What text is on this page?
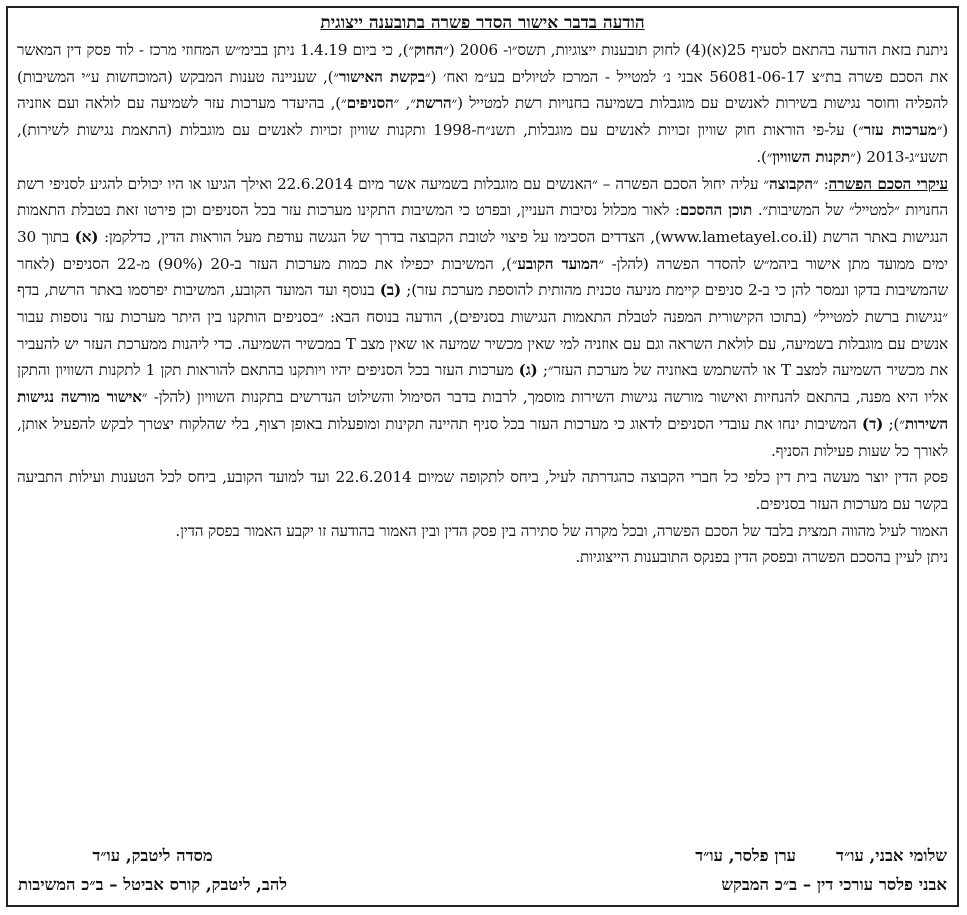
הודעה בדבר אישור הסדר פשרה בתובענה ייצוגית

ניתנת בזאת הודעה בהתאם לסעיף 25(א)(4) לחוק תובענות ייצוגיות, תשס״ו- 2006 (״החוק״), כי ביום 1.4.19 ניתן בבימ״ש המחוזי מרכז - לוד פסק דין המאשר את הסכם פשרה בת״צ 56081-06-17 אבני נ׳ למטייל - המרכז לטיולים בע״מ ואח׳ (״בקשת האישור״), שעניינה טענות המבקש (המוכחשות ע״י המשיבות) להפליה וחוסר נגישות בשירות לאנשים עם מוגבלות בשמיעה בחנויות רשת למטייל (״הרשת״, ״הסניפים״), בהיעדר מערכות עזר לשמיעה עם לולאה ועם אוזניה (״מערכות עזר״) על-פי הוראות חוק שוויון זכויות לאנשים עם מוגבלות, תשנ״ח-1998 ותקנות שוויון זכויות לאנשים עם מוגבלות (התאמת נגישות לשירות), תשע״ג-2013 (״תקנות השוויון״).

עיקרי הסכם הפשרה: ״הקבוצה״ עליה יחול הסכם הפשרה – ״האנשים עם מוגבלות בשמיעה אשר מיום 22.6.2014 ואילך הגיעו או היו יכולים להגיע לסניפי רשת החנויות ״למטייל״ של המשיבות״. תוכן ההסכם: לאור מכלול נסיבות העניין, ובפרט כי המשיבות התקינו מערכות עזר בכל הסניפים וכן פירטו זאת בטבלת התאמות הנגישות באתר הרשת (www.lametayel.co.il), הצדדים הסכימו על פיצוי לטובת הקבוצה בדרך של הנגשה עודפת מעל הוראות הדין, כדלקמן: (א) בתוך 30 ימים ממועד מתן אישור ביהמ״ש להסדר הפשרה (להלן- ״המועד הקובע״), המשיבות יכפילו את כמות מערכות העזר ב-20 (90%) מ-22 הסניפים (לאחר שהמשיבות בדקו ונמסר להן כי ב-2 סניפים קיימת מניעה טכנית מהותית להוספת מערכת עזר); (ב) בנוסף ועד המועד הקובע, המשיבות יפרסמו באתר הרשת, בדף ״נגישות ברשת למטייל״ (בתוכו הקישורית המפנה לטבלת התאמות הנגישות בסניפים), הודעה בנוסח הבא: ״בסניפים הותקנו בין היתר מערכות עזר נוספות עבור אנשים עם מוגבלות בשמיעה, עם לולאת השראה וגם עם אוזניה למי שאין מכשיר שמיעה או שאין מצב T במכשיר השמיעה. כדי ליהנות ממערכת העזר יש להעביר את מכשיר השמיעה למצב T או להשתמש באוזניה של מערכת העזר״; (ג) מערכות העזר בכל הסניפים יהיו ויותקנו בהתאם להוראות תקן 1 לתקנות השוויון והתקן אליו היא מפנה, בהתאם להנחיות ואישור מורשה נגישות השירות מוסמך, לרבות בדבר הסימול והשילוט הנדרשים בתקנות השוויון (להלן- ״אישור מורשה נגישות השירות״); (ד) המשיבות ינחו את עובדי הסניפים לדאוג כי מערכות העזר בכל סניף תהיינה תקינות ומופעלות באופן רצוף, בלי שהלקוח יצטרך לבקש להפעיל אותן, לאורך כל שעות פעילות הסניף.

פסק הדין יוצר מעשה בית דין כלפי כל חברי הקבוצה כהגדרתה לעיל, ביחס לתקופה שמיום 22.6.2014 ועד למועד הקובע, ביחס לכל הטענות ועילות התביעה בקשר עם מערכות העזר בסניפים.

האמור לעיל מהווה תמצית בלבד של הסכם הפשרה, ובכל מקרה של סתירה בין פסק הדין ובין האמור בהודעה זו יקבע האמור בפסק הדין.

ניתן לעיין בהסכם הפשרה ובפסק הדין בפנקס התובענות הייצוגיות.

שלומי אבני, עו״ד
ערן פלסר, עו״ד
אבני פלסר עורכי דין – ב״כ המבקש
מסדה ליטבק, עו״ד
להב, ליטבק, קורס אביטל – ב״כ המשיבות
